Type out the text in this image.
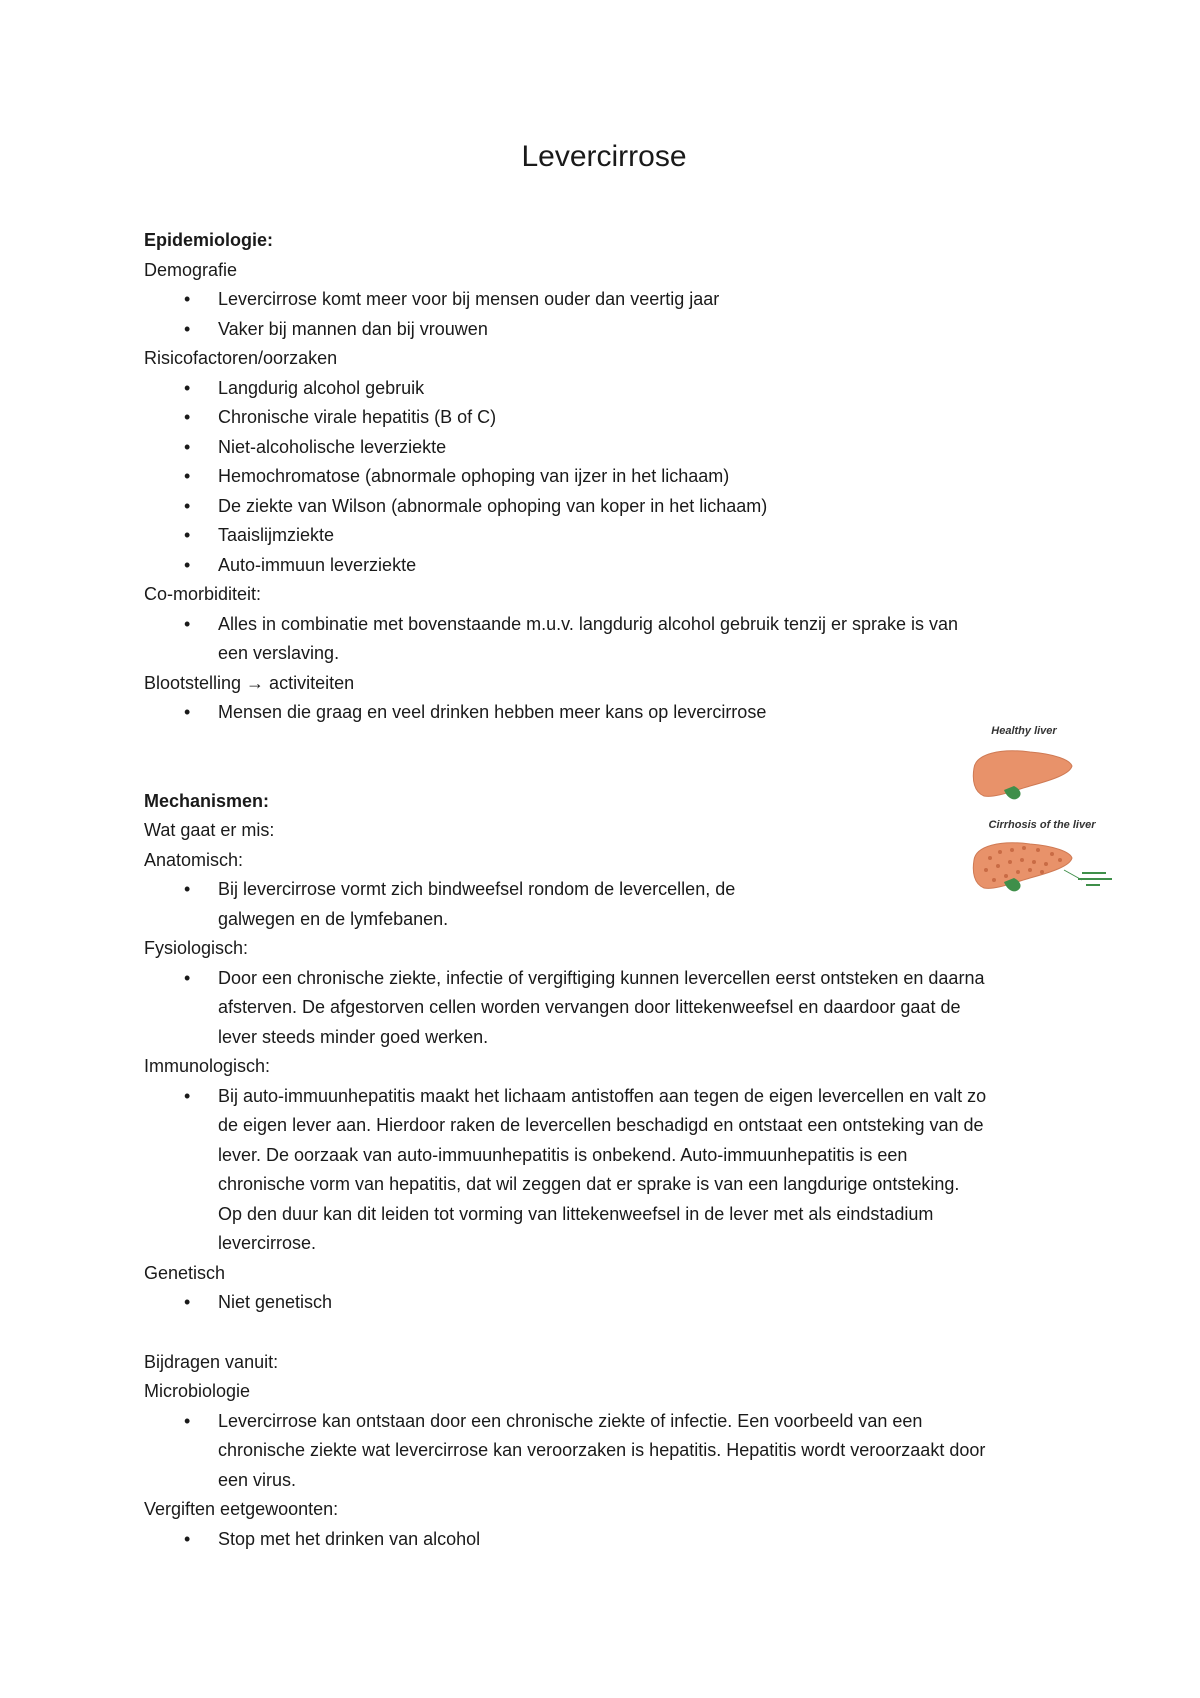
Levercirrose

Epidemiologie:

Demografie

• Levercirrose komt meer voor bij mensen ouder dan veertig jaar
• Vaker bij mannen dan bij vrouwen

Risicofactoren/oorzaken

• Langdurig alcohol gebruik
• Chronische virale hepatitis (B of C)
• Niet-alcoholische leverziekte
• Hemochromatose (abnormale ophoping van ijzer in het lichaam)
• De ziekte van Wilson (abnormale ophoping van koper in het lichaam)
• Taaislijmziekte
• Auto-immuun leverziekte

Co-morbiditeit:

• Alles in combinatie met bovenstaande m.u.v. langdurig alcohol gebruik tenzij er sprake is van een verslaving.

Blootstelling → activiteiten

• Mensen die graag en veel drinken hebben meer kans op levercirrose

Mechanismen:

Wat gaat er mis:

Anatomisch:

• Bij levercirrose vormt zich bindweefsel rondom de levercellen, de galwegen en de lymfebanen.

Fysiologisch:

• Door een chronische ziekte, infectie of vergiftiging kunnen levercellen eerst ontsteken en daarna afsterven. De afgestorven cellen worden vervangen door littekenweefsel en daardoor gaat de lever steeds minder goed werken.

Immunologisch:

• Bij auto-immuunhepatitis maakt het lichaam antistoffen aan tegen de eigen levercellen en valt zo de eigen lever aan. Hierdoor raken de levercellen beschadigd en ontstaat een ontsteking van de lever. De oorzaak van auto-immuunhepatitis is onbekend. Auto-immuunhepatitis is een chronische vorm van hepatitis, dat wil zeggen dat er sprake is van een langdurige ontsteking. Op den duur kan dit leiden tot vorming van littekenweefsel in de lever met als eindstadium levercirrose.

Genetisch

• Niet genetisch

Bijdragen vanuit:

Microbiologie

• Levercirrose kan ontstaan door een chronische ziekte of infectie. Een voorbeeld van een chronische ziekte wat levercirrose kan veroorzaken is hepatitis. Hepatitis wordt veroorzaakt door een virus.

Vergiften eetgewoonten:

• Stop met het drinken van alcohol
Healthy liver
Cirrhosis of the liver
